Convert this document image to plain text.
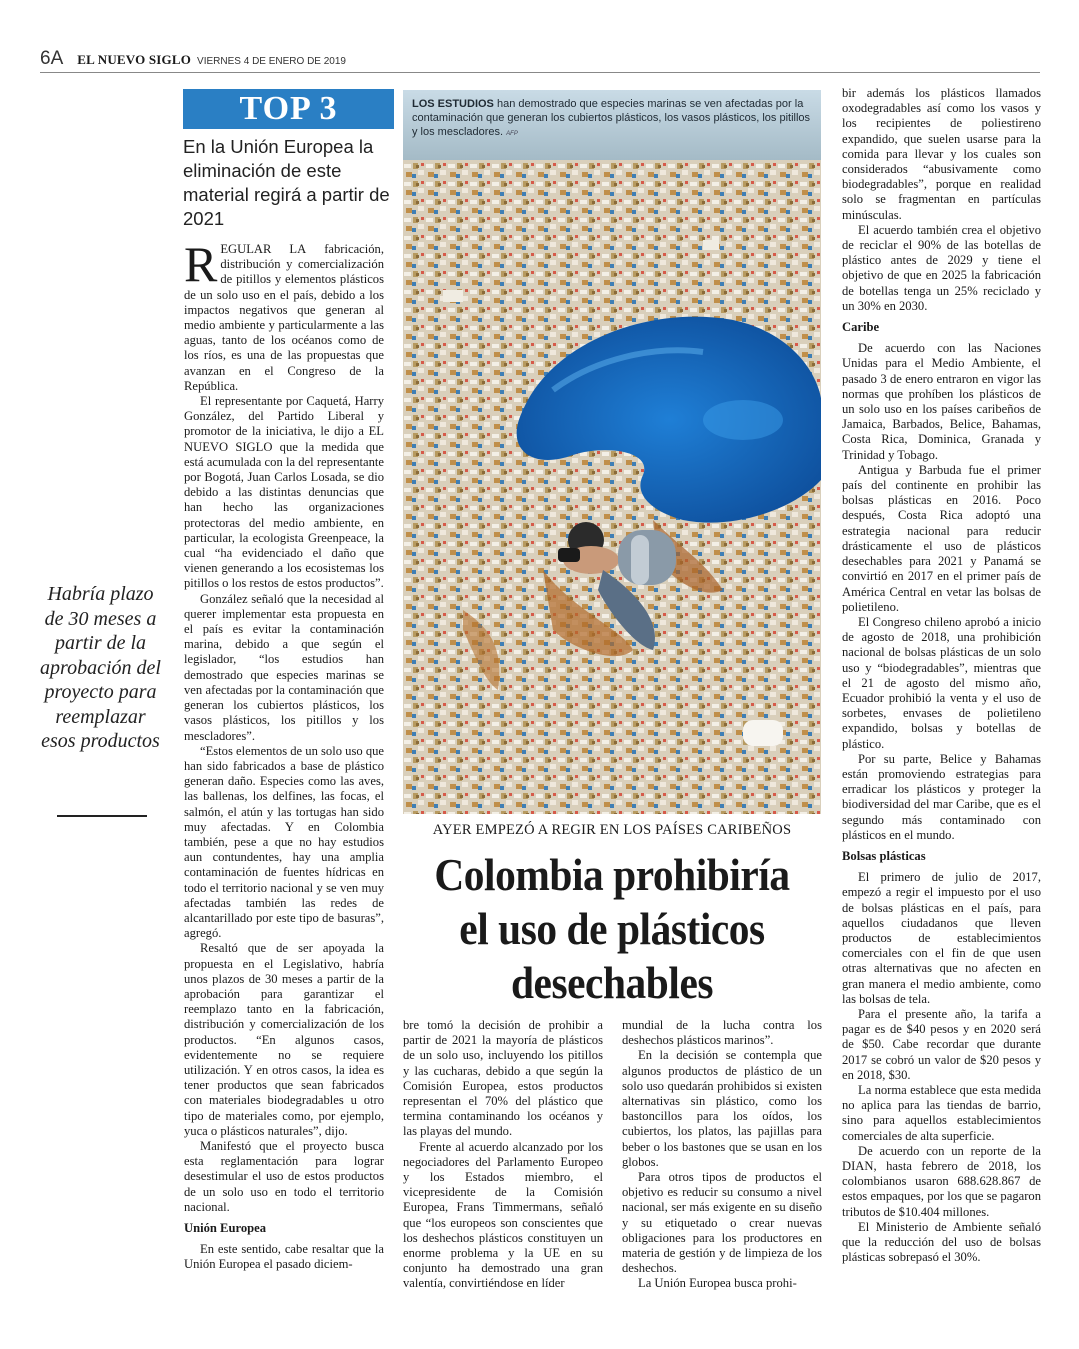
6A EL NUEVO SIGLO VIERNES 4 DE ENERO DE 2019
TOP 3
En la Unión Europea la eliminación de este material regirá a partir de 2021
Habría plazo de 30 meses a partir de la aprobación del proyecto para reemplazar esos productos

REGULAR LA fabricación, distribución y comercialización de pitillos y elementos plásticos de un solo uso en el país, debido a los impactos negativos que generan al medio ambiente y particularmente a las aguas, tanto de los océanos como de los ríos, es una de las propuestas que avanzan en el Congreso de la República.

El representante por Caquetá, Harry González, del Partido Liberal y promotor de la iniciativa, le dijo a EL NUEVO SIGLO que la medida que está acumulada con la del representante por Bogotá, Juan Carlos Losada, se dio debido a las distintas denuncias que han hecho las organizaciones protectoras del medio ambiente, en particular, la ecologista Greenpeace, la cual “ha evidenciado el daño que vienen generando a los ecosistemas los pitillos o los restos de estos productos”.

González señaló que la necesidad al querer implementar esta propuesta en el país es evitar la contaminación marina, debido a que según el legislador, “los estudios han demostrado que especies marinas se ven afectadas por la contaminación que generan los cubiertos plásticos, los vasos plásticos, los pitillos y los mescladores”.

“Estos elementos de un solo uso que han sido fabricados a base de plástico generan daño. Especies como las aves, las ballenas, los delfines, las focas, el salmón, el atún y las tortugas han sido muy afectadas. Y en Colombia también, pese a que no hay estudios aun contundentes, hay una amplia contaminación de fuentes hídricas en todo el territorio nacional y se ven muy afectadas también las redes de alcantarillado por este tipo de basuras”, agregó.

Resaltó que de ser apoyada la propuesta en el Legislativo, habría unos plazos de 30 meses a partir de la aprobación para garantizar el reemplazo tanto en la fabricación, distribución y comercialización de los productos. “En algunos casos, evidentemente no se requiere utilización. Y en otros casos, la idea es tener productos que sean fabricados con materiales biodegradables u otro tipo de materiales como, por ejemplo, yuca o plásticos naturales”, dijo.

Manifestó que el proyecto busca esta reglamentación para lograr desestimular el uso de estos productos de un solo uso en todo el territorio nacional.

Unión Europea

En este sentido, cabe resaltar que la Unión Europea el pasado diciem-

LOS ESTUDIOS han demostrado que especies marinas se ven afectadas por la contaminación que generan los cubiertos plásticos, los vasos plásticos, los pitillos y los mescladores. AFP
AYER EMPEZÓ A REGIR EN LOS PAÍSES CARIBEÑOS
Colombia prohibiría el uso de plásticos desechables

bre tomó la decisión de prohibir a partir de 2021 la mayoría de plásticos de un solo uso, incluyendo los pitillos y las cucharas, debido a que según la Comisión Europea, estos productos representan el 70% del plástico que termina contaminando los océanos y las playas del mundo.

Frente al acuerdo alcanzado por los negociadores del Parlamento Europeo y los Estados miembro, el vicepresidente de la Comisión Europea, Frans Timmermans, señaló que “los europeos son conscientes que los deshechos plásticos constituyen un enorme problema y la UE en su conjunto ha demostrado una gran valentía, convirtiéndose en líder

mundial de la lucha contra los deshechos plásticos marinos”.

En la decisión se contempla que algunos productos de plástico de un solo uso quedarán prohibidos si existen alternativas sin plástico, como los bastoncillos para los oídos, los cubiertos, los platos, las pajillas para beber o los bastones que se usan en los globos.

Para otros tipos de productos el objetivo es reducir su consumo a nivel nacional, ser más exigente en su diseño y su etiquetado o crear nuevas obligaciones para los productores en materia de gestión y de limpieza de los deshechos.

La Unión Europea busca prohi-

bir además los plásticos llamados oxodegradables así como los vasos y los recipientes de poliestireno expandido, que suelen usarse para la comida para llevar y los cuales son considerados “abusivamente como biodegradables”, porque en realidad solo se fragmentan en partículas minúsculas.

El acuerdo también crea el objetivo de reciclar el 90% de las botellas de plástico antes de 2029 y tiene el objetivo de que en 2025 la fabricación de botellas tenga un 25% reciclado y un 30% en 2030.

Caribe

De acuerdo con las Naciones Unidas para el Medio Ambiente, el pasado 3 de enero entraron en vigor las normas que prohíben los plásticos de un solo uso en los países caribeños de Jamaica, Barbados, Belice, Bahamas, Costa Rica, Dominica, Granada y Trinidad y Tobago.

Antigua y Barbuda fue el primer país del continente en prohibir las bolsas plásticas en 2016. Poco después, Costa Rica adoptó una estrategia nacional para reducir drásticamente el uso de plásticos desechables para 2021 y Panamá se convirtió en 2017 en el primer país de América Central en vetar las bolsas de polietileno.

El Congreso chileno aprobó a inicio de agosto de 2018, una prohibición nacional de bolsas plásticas de un solo uso y “biodegradables”, mientras que el 21 de agosto del mismo año, Ecuador prohibió la venta y el uso de sorbetes, envases de polietileno expandido, bolsas y botellas de plástico.

Por su parte, Belice y Bahamas están promoviendo estrategias para erradicar los plásticos y proteger la biodiversidad del mar Caribe, que es el segundo más contaminado con plásticos en el mundo.

Bolsas plásticas

El primero de julio de 2017, empezó a regir el impuesto por el uso de bolsas plásticas en el país, para aquellos ciudadanos que lleven productos de establecimientos comerciales con el fin de que usen otras alternativas que no afecten en gran manera el medio ambiente, como las bolsas de tela.

Para el presente año, la tarifa a pagar es de $40 pesos y en 2020 será de $50. Cabe recordar que durante 2017 se cobró un valor de $20 pesos y en 2018, $30.

La norma establece que esta medida no aplica para las tiendas de barrio, sino para aquellos establecimientos comerciales de alta superficie.

De acuerdo con un reporte de la DIAN, hasta febrero de 2018, los colombianos usaron 688.628.867 de estos empaques, por los que se pagaron tributos de $10.404 millones.

El Ministerio de Ambiente señaló que la reducción del uso de bolsas plásticas sobrepasó el 30%.
